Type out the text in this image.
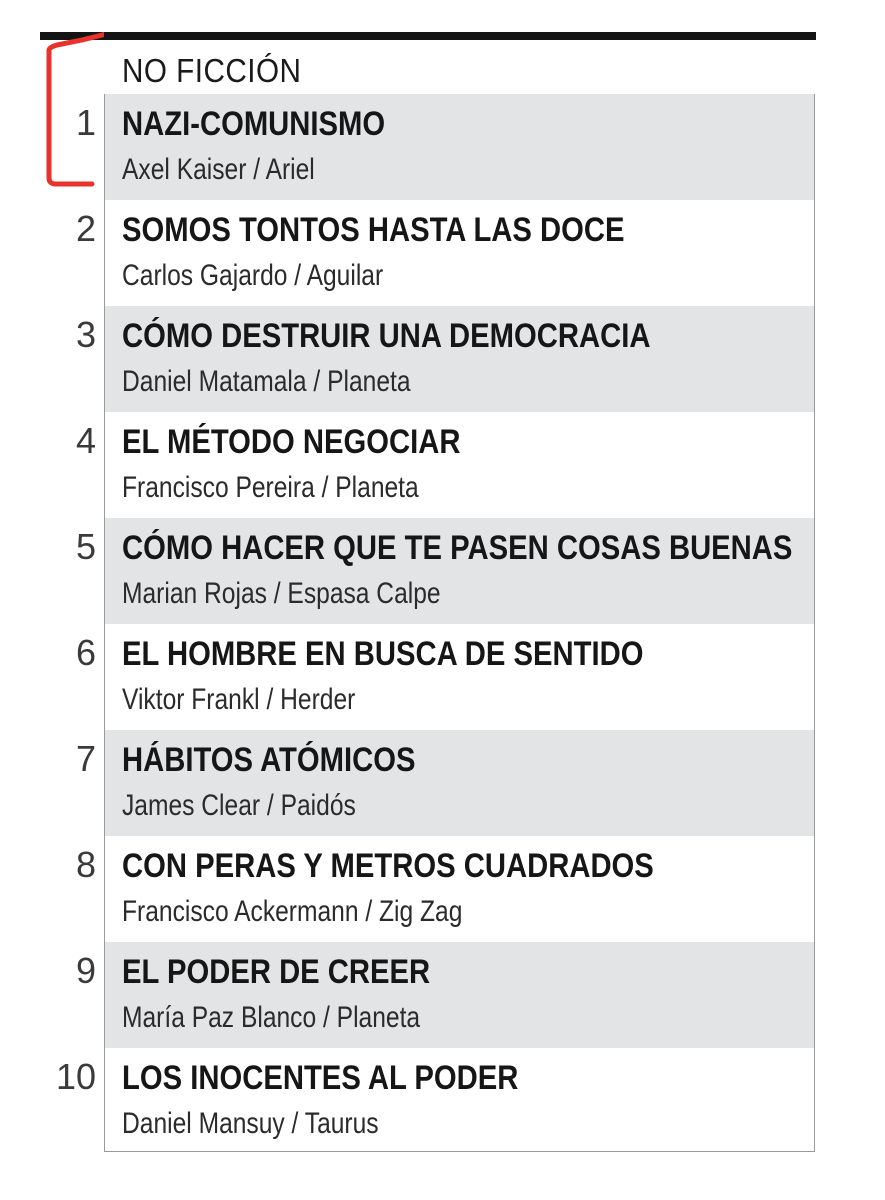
NO FICCIÓN
1 NAZI-COMUNISMO
Axel Kaiser / Ariel
2 SOMOS TONTOS HASTA LAS DOCE
Carlos Gajardo / Aguilar
3 CÓMO DESTRUIR UNA DEMOCRACIA
Daniel Matamala / Planeta
4 EL MÉTODO NEGOCIAR
Francisco Pereira / Planeta
5 CÓMO HACER QUE TE PASEN COSAS BUENAS
Marian Rojas / Espasa Calpe
6 EL HOMBRE EN BUSCA DE SENTIDO
Viktor Frankl / Herder
7 HÁBITOS ATÓMICOS
James Clear / Paidós
8 CON PERAS Y METROS CUADRADOS
Francisco Ackermann / Zig Zag
9 EL PODER DE CREER
María Paz Blanco / Planeta
10 LOS INOCENTES AL PODER
Daniel Mansuy / Taurus
